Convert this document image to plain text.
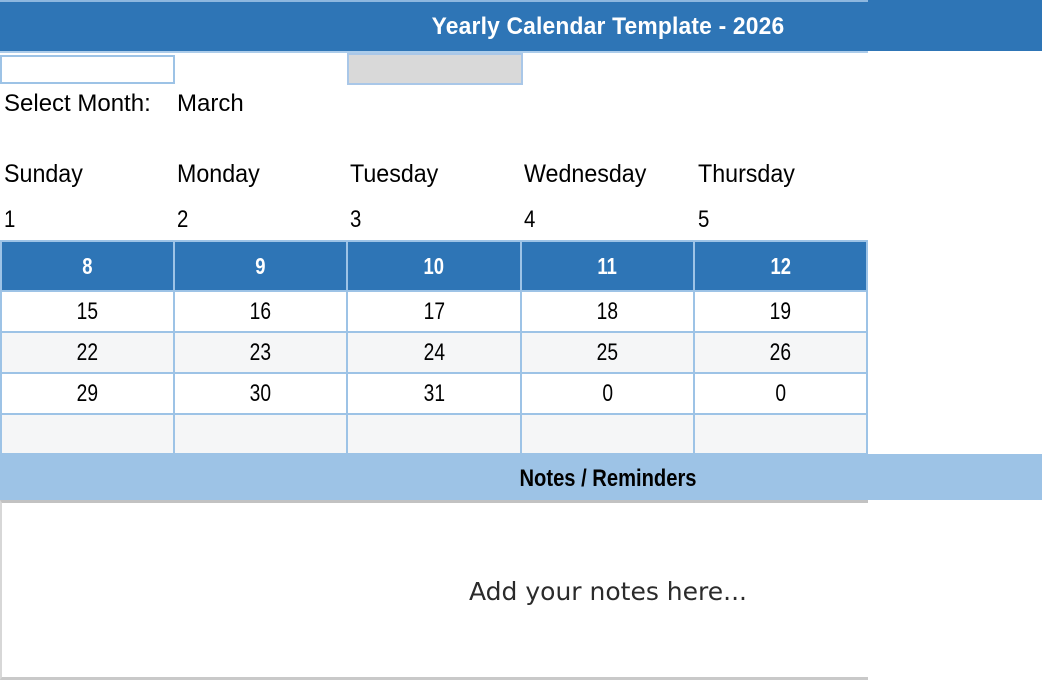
Yearly Calendar Template - 2026
Select Month: March
Sunday	Monday	Tuesday	Wednesday Thursday
1	2	3	4	5
8	9	10	11	12
15	16	17	18	19
22	23	24	25	26
29	30	31	0	0
Notes / Reminders
Add your notes here...
